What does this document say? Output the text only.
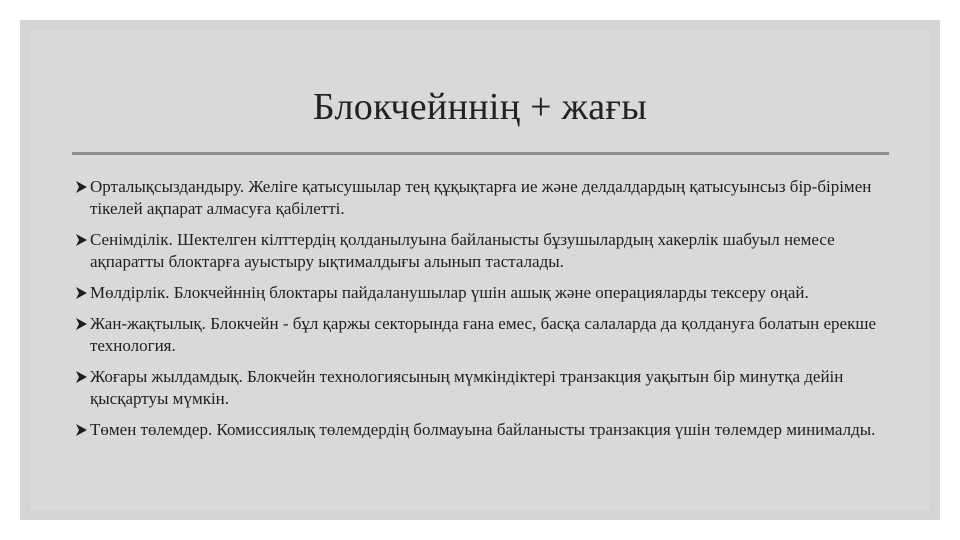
Блокчейннің + жағы
Орталықсыздандыру. Желіге қатысушылар тең құқықтарға ие және делдалдардың қатысуынсыз бір-бірімен тікелей ақпарат алмасуға қабілетті.
Сенімділік. Шектелген кілттердің қолданылуына байланысты бұзушылардың хакерлік шабуыл немесе ақпаратты блоктарға ауыстыру ықтималдығы алынып тасталады.
Мөлдірлік. Блокчейннің блоктары пайдаланушылар үшін ашық және операцияларды тексеру оңай.
Жан-жақтылық. Блокчейн - бұл қаржы секторында ғана емес, басқа салаларда да қолдануға болатын ерекше технология.
Жоғары жылдамдық. Блокчейн технологиясының мүмкіндіктері транзакция уақытын бір минутқа дейін қысқартуы мүмкін.
Төмен төлемдер. Комиссиялық төлемдердің болмауына байланысты транзакция үшін төлемдер минималды.
